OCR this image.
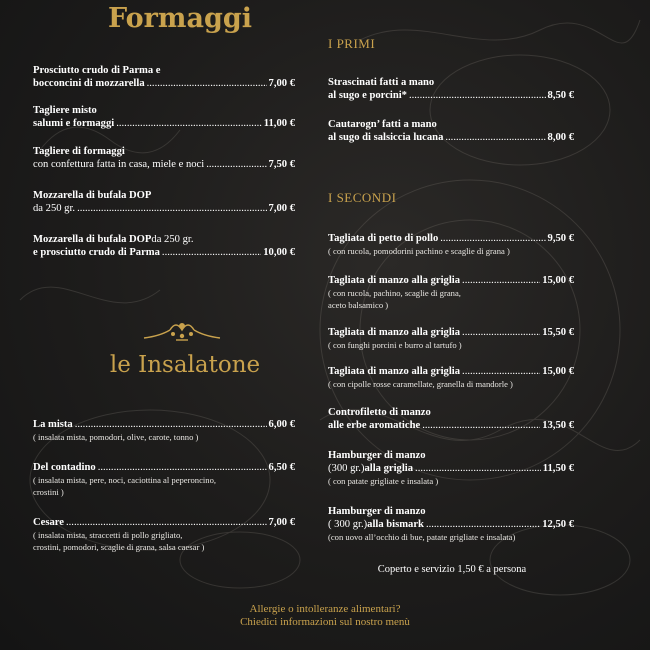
Formaggi
Prosciutto crudo di Parma e
bocconcini di mozzarella .....	7,00 €
Tagliere misto
salumi e formaggi .....	11,00 €
Tagliere di formaggi
con confettura fatta in casa, miele e noci .....	7,50 €
Mozzarella di bufala DOP
da 250 gr. .....	7,00 €
Mozzarella di bufala DOP da 250 gr.
e prosciutto crudo di Parma .....	10,00 €
le Insalatone
La mista .....	6,00 €
( insalata mista, pomodori, olive, carote, tonno )
Del contadino .....	6,50 €
( insalata mista, pere, noci, caciottina al peperoncino,
crostini )
Cesare .....	7,00 €
( insalata mista, straccetti di pollo grigliato,
crostini, pomodori, scaglie di grana, salsa caesar )
I PRIMI
Strascinati fatti a mano
al sugo e porcini* .....	8,50 €
Cautarogn’ fatti a mano
al sugo di salsiccia lucana .....	8,00 €
I SECONDI
Tagliata di petto di pollo .....	9,50 €
( con rucola, pomodorini pachino e scaglie di grana )
Tagliata di manzo alla griglia .....	15,00 €
( con rucola, pachino, scaglie di grana,
aceto balsamico )
Tagliata di manzo alla griglia .....	15,50 €
( con funghi porcini e burro al tartufo )
Tagliata di manzo alla griglia .....	15,00 €
( con cipolle rosse caramellate, granella di mandorle )
Controfiletto di manzo
alle erbe aromatiche .....	13,50 €
Hamburger di manzo
(300 gr.) alla griglia .....	11,50 €
( con patate grigliate e insalata )
Hamburger di manzo
( 300 gr.) alla bismark .....	12,50 €
(con uovo all’occhio di bue, patate grigliate e insalata)
Coperto e servizio 1,50 € a persona
Allergie o intolleranze alimentari?
Chiedici informazioni sul nostro menù
